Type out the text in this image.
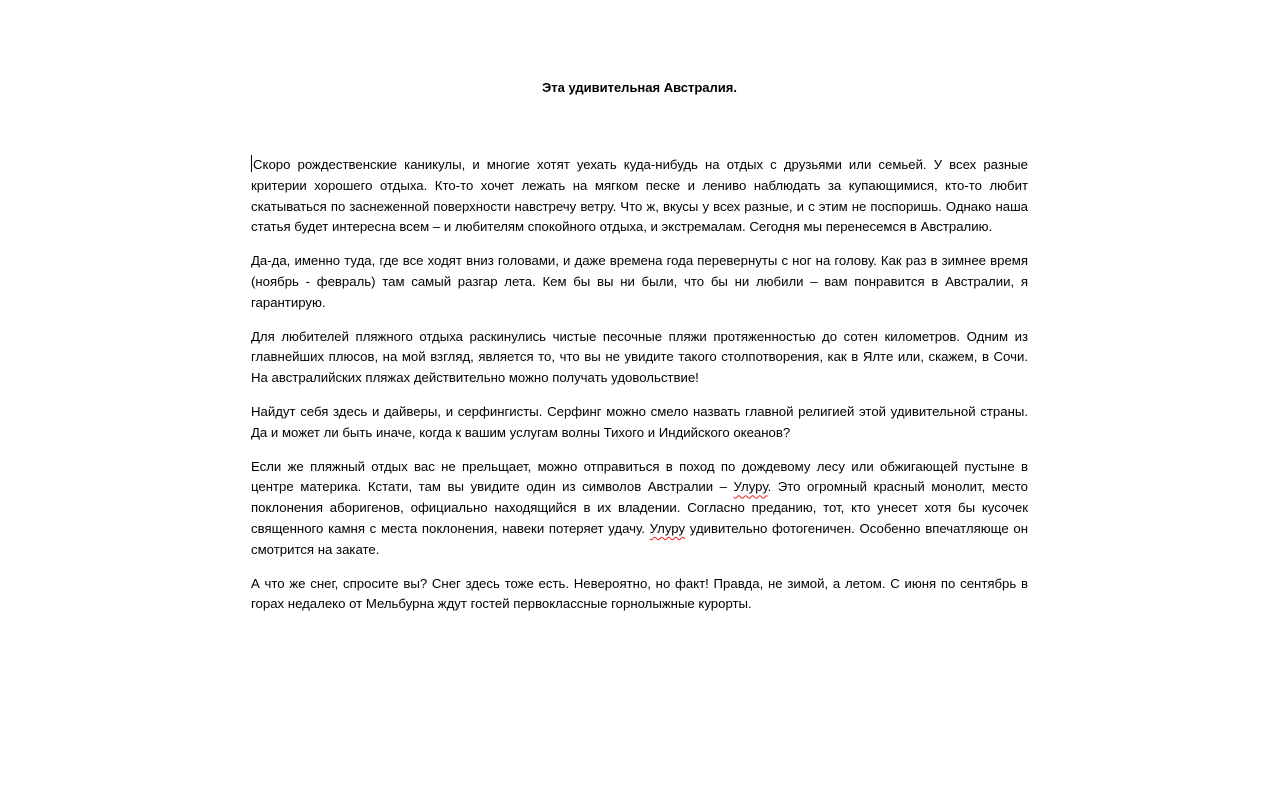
Эта удивительная Австралия.

Скоро рождественские каникулы, и многие хотят уехать куда-нибудь на отдых с друзьями или семьей. У всех разные критерии хорошего отдыха. Кто-то хочет лежать на мягком песке и лениво наблюдать за купающимися, кто-то любит скатываться по заснеженной поверхности навстречу ветру. Что ж, вкусы у всех разные, и с этим не поспоришь. Однако наша статья будет интересна всем – и любителям спокойного отдыха, и экстремалам. Сегодня мы перенесемся в Австралию.

Да-да, именно туда, где все ходят вниз головами, и даже времена года перевернуты с ног на голову. Как раз в зимнее время (ноябрь - февраль) там самый разгар лета. Кем бы вы ни были, что бы ни любили – вам понравится в Австралии, я гарантирую.

Для любителей пляжного отдыха раскинулись чистые песочные пляжи протяженностью до сотен километров. Одним из главнейших плюсов, на мой взгляд, является то, что вы не увидите такого столпотворения, как в Ялте или, скажем, в Сочи. На австралийских пляжах действительно можно получать удовольствие!

Найдут себя здесь и дайверы, и серфингисты. Серфинг можно смело назвать главной религией этой удивительной страны. Да и может ли быть иначе, когда к вашим услугам волны Тихого и Индийского океанов?

Если же пляжный отдых вас не прельщает, можно отправиться в поход по дождевому лесу или обжигающей пустыне в центре материка. Кстати, там вы увидите один из символов Австралии – Улуру. Это огромный красный монолит, место поклонения аборигенов, официально находящийся в их владении. Согласно преданию, тот, кто унесет хотя бы кусочек священного камня с места поклонения, навеки потеряет удачу. Улуру удивительно фотогеничен. Особенно впечатляюще он смотрится на закате.

А что же снег, спросите вы? Снег здесь тоже есть. Невероятно, но факт! Правда, не зимой, а летом. С июня по сентябрь в горах недалеко от Мельбурна ждут гостей первоклассные горнолыжные курорты.
